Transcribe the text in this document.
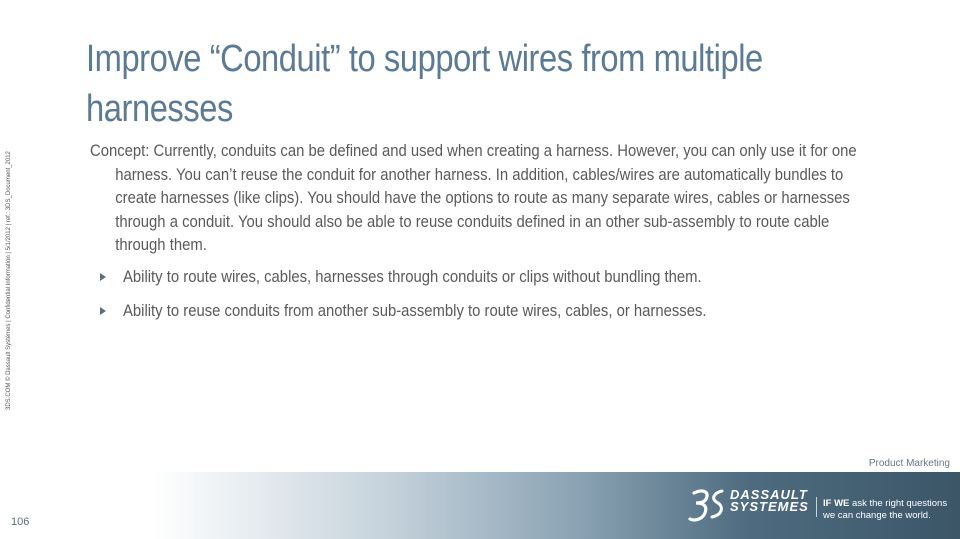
Improve “Conduit” to support wires from multiple
harnesses
Concept: Currently, conduits can be defined and used when creating a harness. However, you can only use it for one
harness. You can’t reuse the conduit for another harness. In addition, cables/wires are automatically bundles to
create harnesses (like clips). You should have the options to route as many separate wires, cables or harnesses
through a conduit. You should also be able to reuse conduits defined in an other sub-assembly to route cable
through them.
Ability to route wires, cables, harnesses through conduits or clips without bundling them.
Ability to reuse conduits from another sub-assembly to route wires, cables, or harnesses.
3DS.COM © Dassault Systèmes | Confidential Information | 5/1/2012 | ref.: 3DS_Document_2012
Product Marketing
106
DASSAULT
SYSTEMES IF WE ask the right questions
we can change the world.
